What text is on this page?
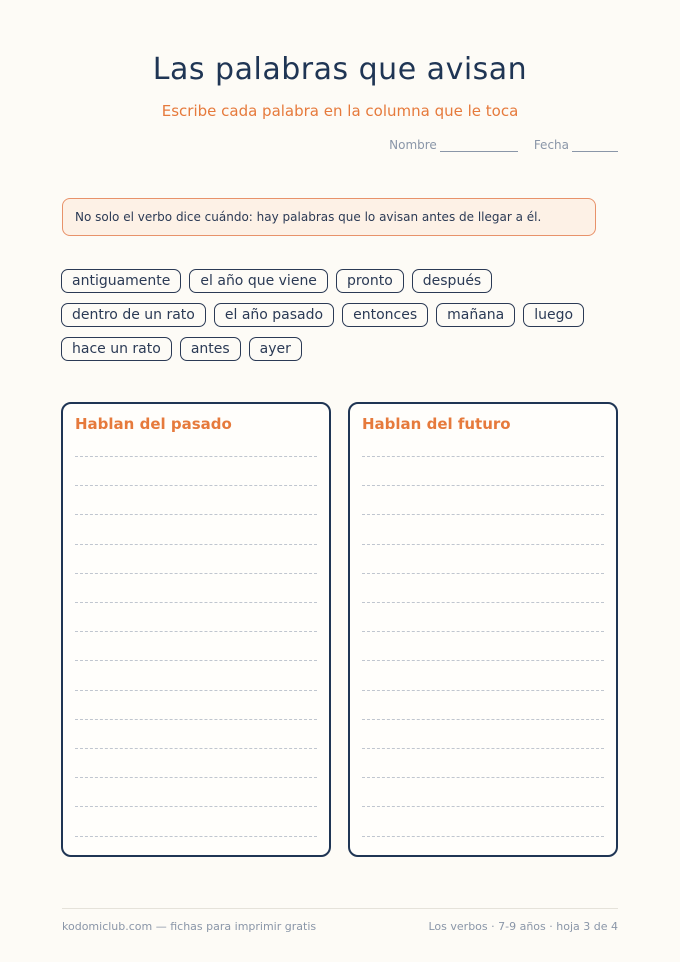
Las palabras que avisan
Escribe cada palabra en la columna que le toca
Nombre	Fecha
No solo el verbo dice cuándo: hay palabras que lo avisan antes de llegar a él.
antiguamente	el año que viene	pronto	después
dentro de un rato	el año pasado	entonces	mañana	luego
hace un rato	antes	ayer
Hablan del pasado	Hablan del futuro
kodomiclub.com — fichas para imprimir gratis	Los verbos · 7-9 años · hoja 3 de 4
